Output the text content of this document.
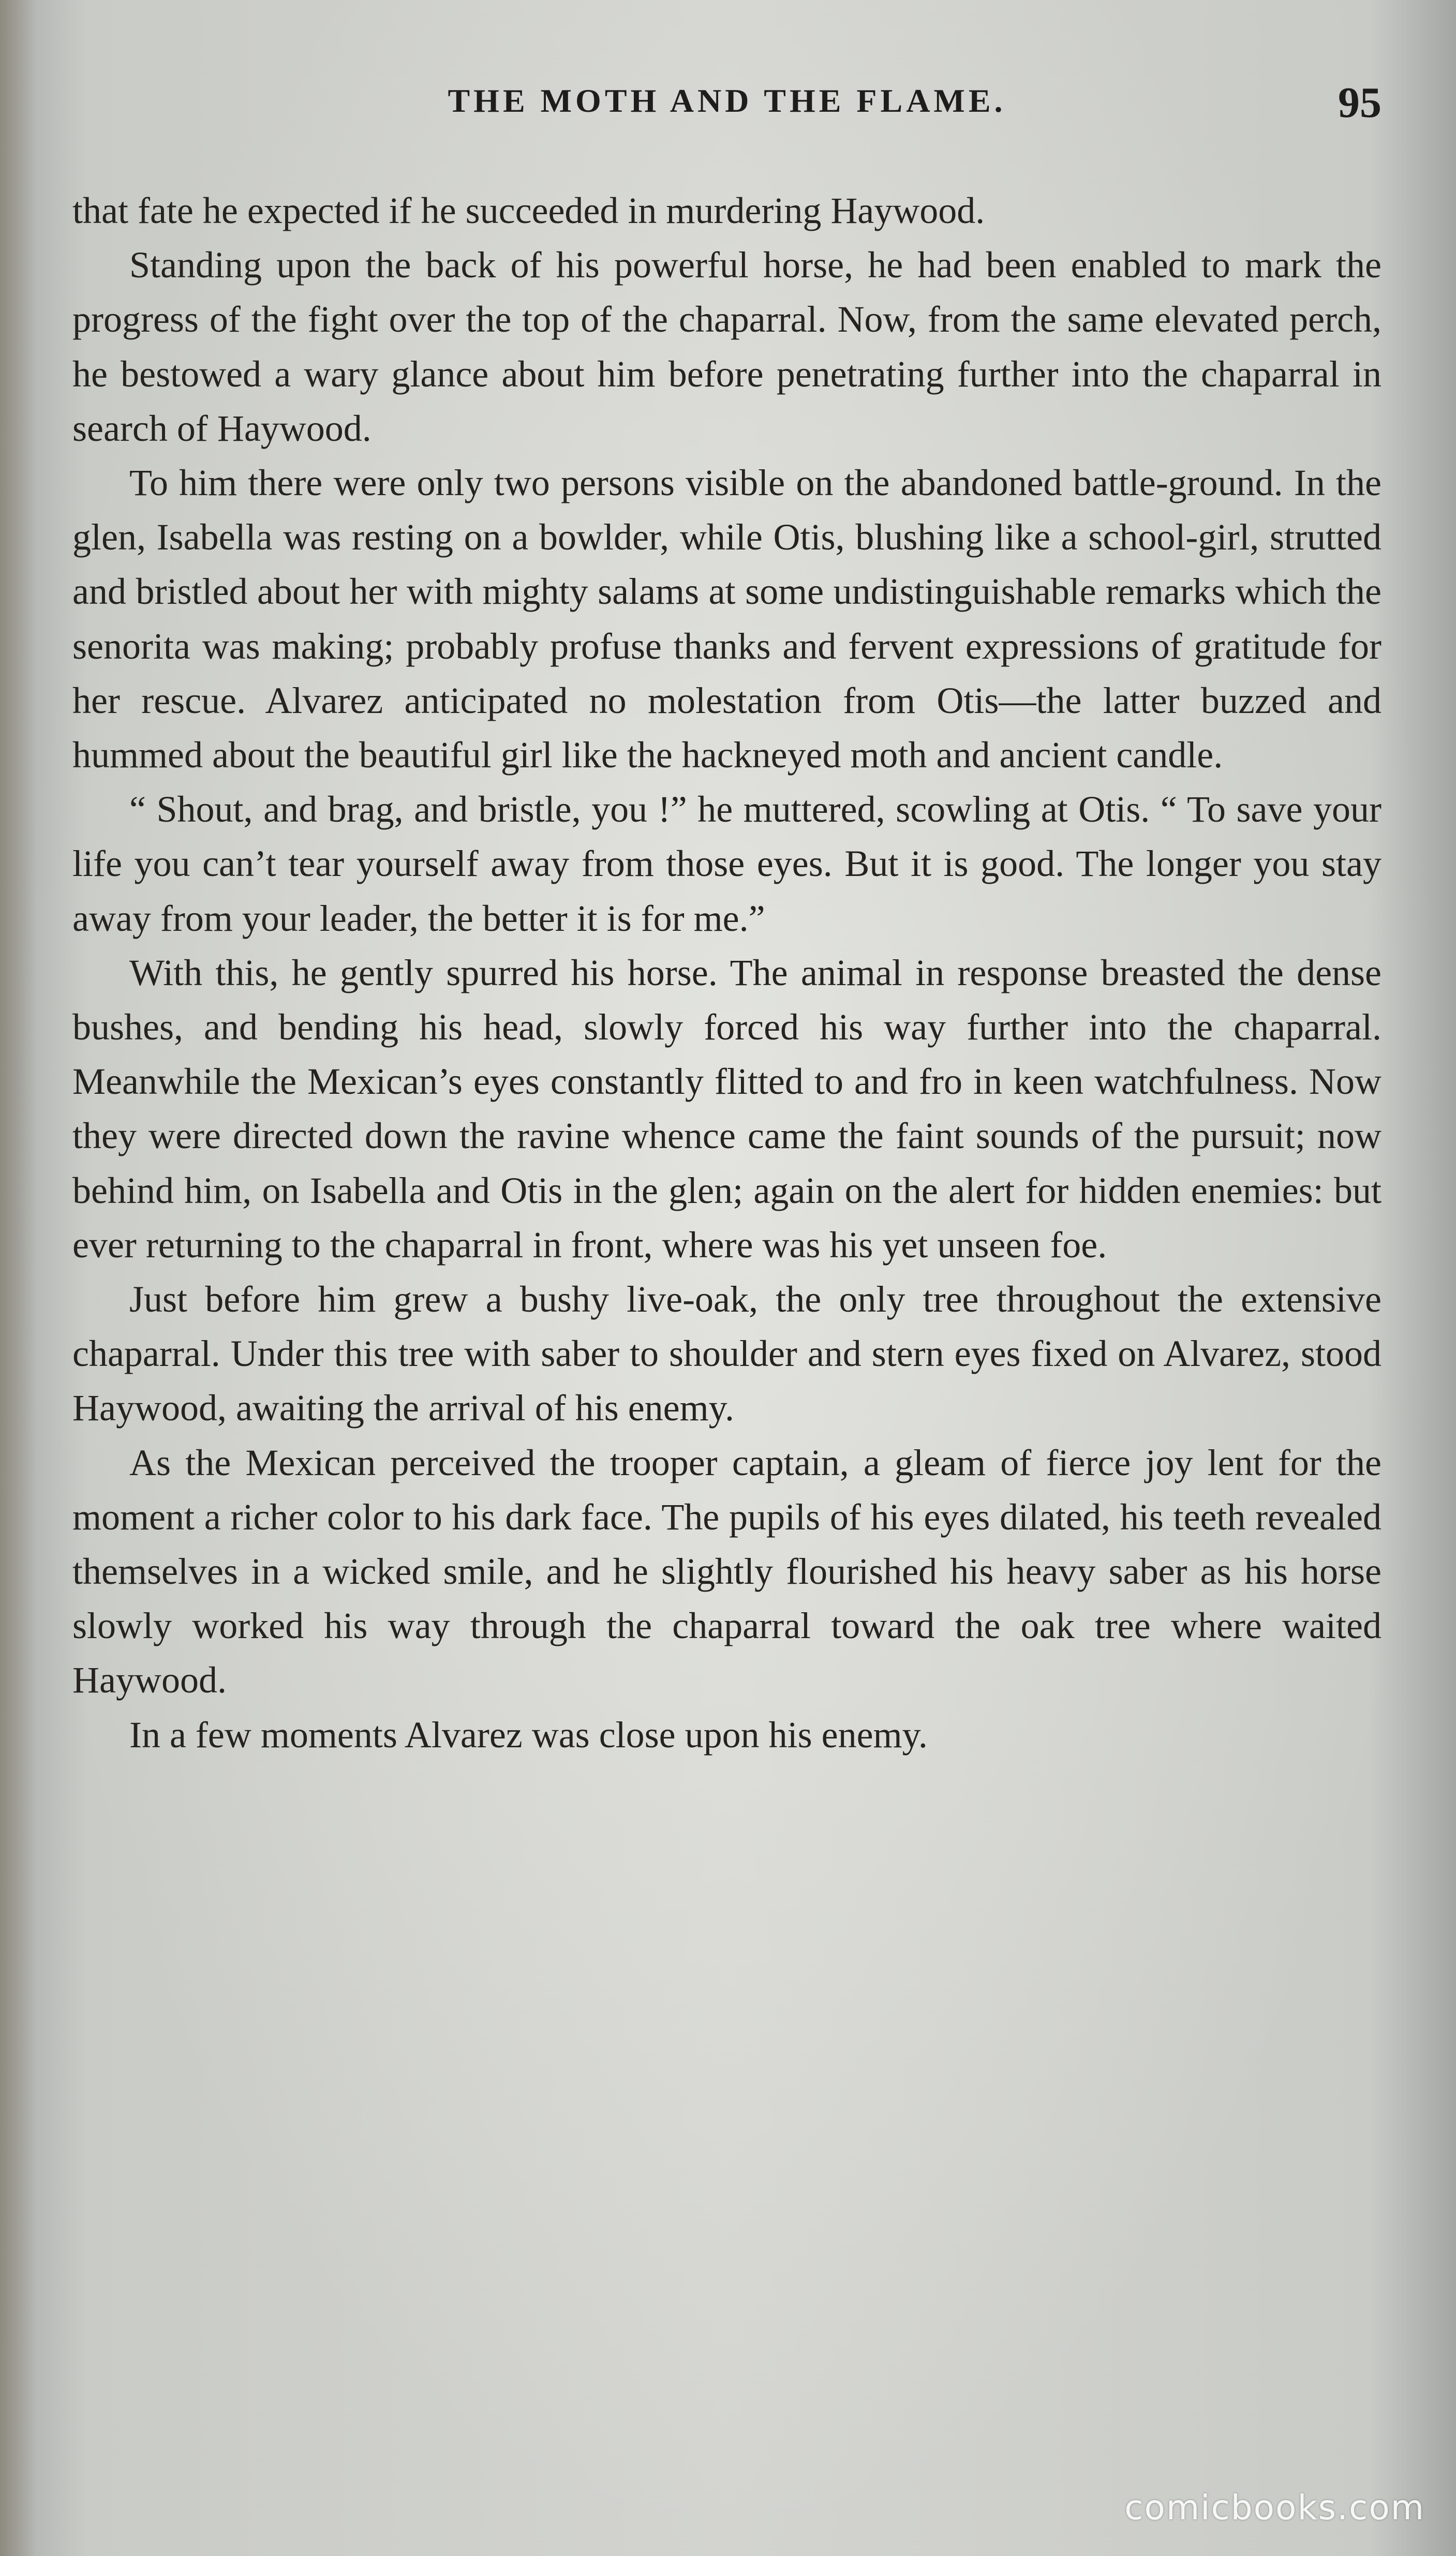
THE MOTH AND THE FLAME.	95

that fate he expected if he succeeded in murdering Haywood.

Standing upon the back of his powerful horse, he had been enabled to mark the progress of the fight over the top of the chaparral. Now, from the same elevated perch, he bestowed a wary glance about him before penetrating further into the chaparral in search of Haywood.

To him there were only two persons visible on the abandoned battle-ground. In the glen, Isabella was resting on a bowlder, while Otis, blushing like a school-girl, strutted and bristled about her with mighty salams at some undistinguishable remarks which the senorita was making; probably profuse thanks and fervent expressions of gratitude for her rescue. Alvarez anticipated no molestation from Otis—the latter buzzed and hummed about the beautiful girl like the hackneyed moth and ancient candle.

“ Shout, and brag, and bristle, you !” he muttered, scowling at Otis. “ To save your life you can’t tear yourself away from those eyes. But it is good. The longer you stay away from your leader, the better it is for me.”

With this, he gently spurred his horse. The animal in response breasted the dense bushes, and bending his head, slowly forced his way further into the chaparral. Meanwhile the Mexican’s eyes constantly flitted to and fro in keen watchfulness. Now they were directed down the ravine whence came the faint sounds of the pursuit; now behind him, on Isabella and Otis in the glen; again on the alert for hidden enemies: but ever returning to the chaparral in front, where was his yet unseen foe.

Just before him grew a bushy live-oak, the only tree throughout the extensive chaparral. Under this tree with saber to shoulder and stern eyes fixed on Alvarez, stood Haywood, awaiting the arrival of his enemy.

As the Mexican perceived the trooper captain, a gleam of fierce joy lent for the moment a richer color to his dark face. The pupils of his eyes dilated, his teeth revealed themselves in a wicked smile, and he slightly flourished his heavy saber as his horse slowly worked his way through the chaparral toward the oak tree where waited Haywood.

In a few moments Alvarez was close upon his enemy.

comicbooks.com
